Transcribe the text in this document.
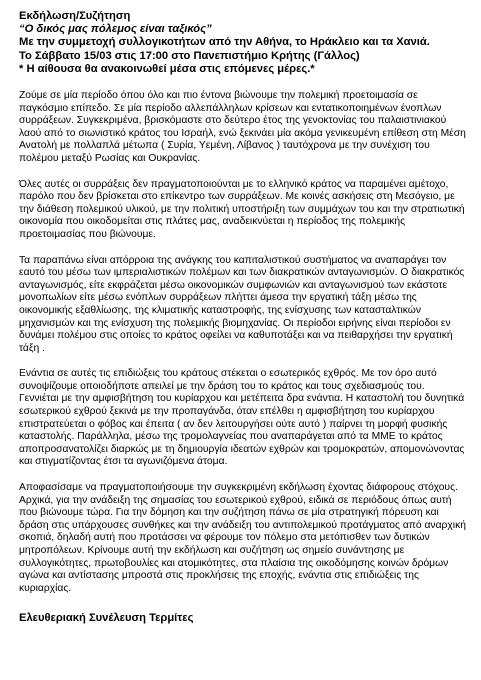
Εκδήλωση/Συζήτηση
“Ο δικός μας πόλεμος είναι ταξικός”
Με την συμμετοχή συλλογικοτήτων από την Αθήνα, το Ηράκλειο και τα Χανιά.
Το Σάββατο 15/03 στις 17:00 στο Πανεπιστήμιο Κρήτης (Γάλλος)
* Η αίθουσα θα ανακοινωθεί μέσα στις επόμενες μέρες.*

Ζούμε σε μία περίοδο όπου όλο και πιο έντονα βιώνουμε την πολεμική προετοιμασία σε παγκόσμιο επίπεδο. Σε μία περίοδο αλλεπάλληλων κρίσεων και εντατικοποιημένων ένοπλων συρράξεων. Συγκεκριμένα, βρισκόμαστε στο δεύτερο έτος της γενοκτονίας του παλαιστινιακού λαού από το σιωνιστικό κράτος του Ισραήλ, ενώ ξεκινάει μία ακόμα γενικευμένη επίθεση στη Μέση Ανατολή με πολλαπλά μέτωπα ( Συρία, Υεμένη, Λίβανος ) ταυτόχρονα με την συνέχιση του πολέμου μεταξύ Ρωσίας και Ουκρανίας.

Όλες αυτές οι συρράξεις δεν πραγματοποιούνται με το ελληνικό κράτος να παραμένει αμέτοχο, παρόλο που δεν βρίσκεται στο επίκεντρο των συρράξεων. Με κοινές ασκήσεις στη Μεσόγειο, με την διάθεση πολεμικού υλικού, με την πολιτική υποστήριξη των συμμάχων του και την στρατιωτική οικονομία που οικοδομείται στις πλάτες μας, αναδεικνύεται η περίοδος της πολεμικής προετοιμασίας που βιώνουμε.

Τα παραπάνω είναι απόρροια της ανάγκης του καπιταλιστικού συστήματος να αναπαράγει τον εαυτό του μέσω των ιμπεριαλιστικών πολέμων και των διακρατικών ανταγωνισμών. Ο διακρατικός ανταγωνισμός, είτε εκφράζεται μέσω οικονομικών συμφωνιών και ανταγωνισμού των εκάστοτε μονοπωλίων είτε μέσω ενόπλων συρράξεων πλήττει άμεσα την εργατική τάξη μέσω της οικονομικής εξαθλίωσης, της κλιματικής καταστροφής, της ενίσχυσης των κατασταλτικών μηχανισμών και της ενίσχυση της πολεμικής βιομηχανίας. Οι περίοδοι ειρήνης είναι περίοδοι εν δυνάμει πολέμου στις οποίες το κράτος οφείλει να καθυποτάξει και να πειθαρχήσει την εργατική τάξη .

Ενάντια σε αυτές τις επιδιώξεις του κράτους στέκεται ο εσωτερικός εχθρός. Με τον όρο αυτό συνοψίζουμε οποιοδήποτε απειλεί με την δράση του το κράτος και τους σχεδιασμούς του. Γεννιέται με την αμφισβήτηση του κυρίαρχου και μετέπειτα δρα ενάντια. Η καταστολή του δυνητικά εσωτερικού εχθρού ξεκινά με την προπαγάνδα, όταν επέλθει η αμφισβήτηση του κυρίαρχου επιστρατεύεται ο φόβος και έπειτα ( αν δεν λειτουργήσει ούτε αυτό ) παίρνει τη μορφή φυσικής καταστολής. Παράλληλα, μέσω της τρομολαγνείας που αναπαράγεται από τα ΜΜΕ το κράτος αποπροσανατολίζει διαρκώς με τη δημιουργία ιδεατών εχθρών και τρομοκρατών, απομονώνοντας και στιγματίζοντας έτσι τα αγωνιζόμενα άτομα.

Αποφασίσαμε να πραγματοποιήσουμε την συγκεκριμένη εκδήλωση έχοντας διάφορους στόχους. Αρχικά, για την ανάδειξη της σημασίας του εσωτερικού εχθρού, ειδικά σε περιόδους όπως αυτή που βιώνουμε τώρα. Για την δόμηση και την συζήτηση πάνω σε μία στρατηγική πόρευση και δράση στις υπάρχουσες συνθήκες και την ανάδειξη του αντιπολεμικού προτάγματος από αναρχική σκοπιά, δηλαδή αυτή που προτάσσει να φέρουμε τον πόλεμο στα μετόπισθεν των δυτικών μητροπόλεων. Κρίνουμε αυτή την εκδήλωση και συζήτηση ως σημείο συνάντησης με συλλογικότητες, πρωτοβουλίες και ατομικότητες, στα πλαίσια της οικοδόμησης κοινών δρόμων αγώνα και αντίστασης μπροστά στις προκλήσεις της εποχής, ενάντια στις επιδιώξεις της κυριαρχίας.

Ελευθεριακή Συνέλευση Τερμίτες
